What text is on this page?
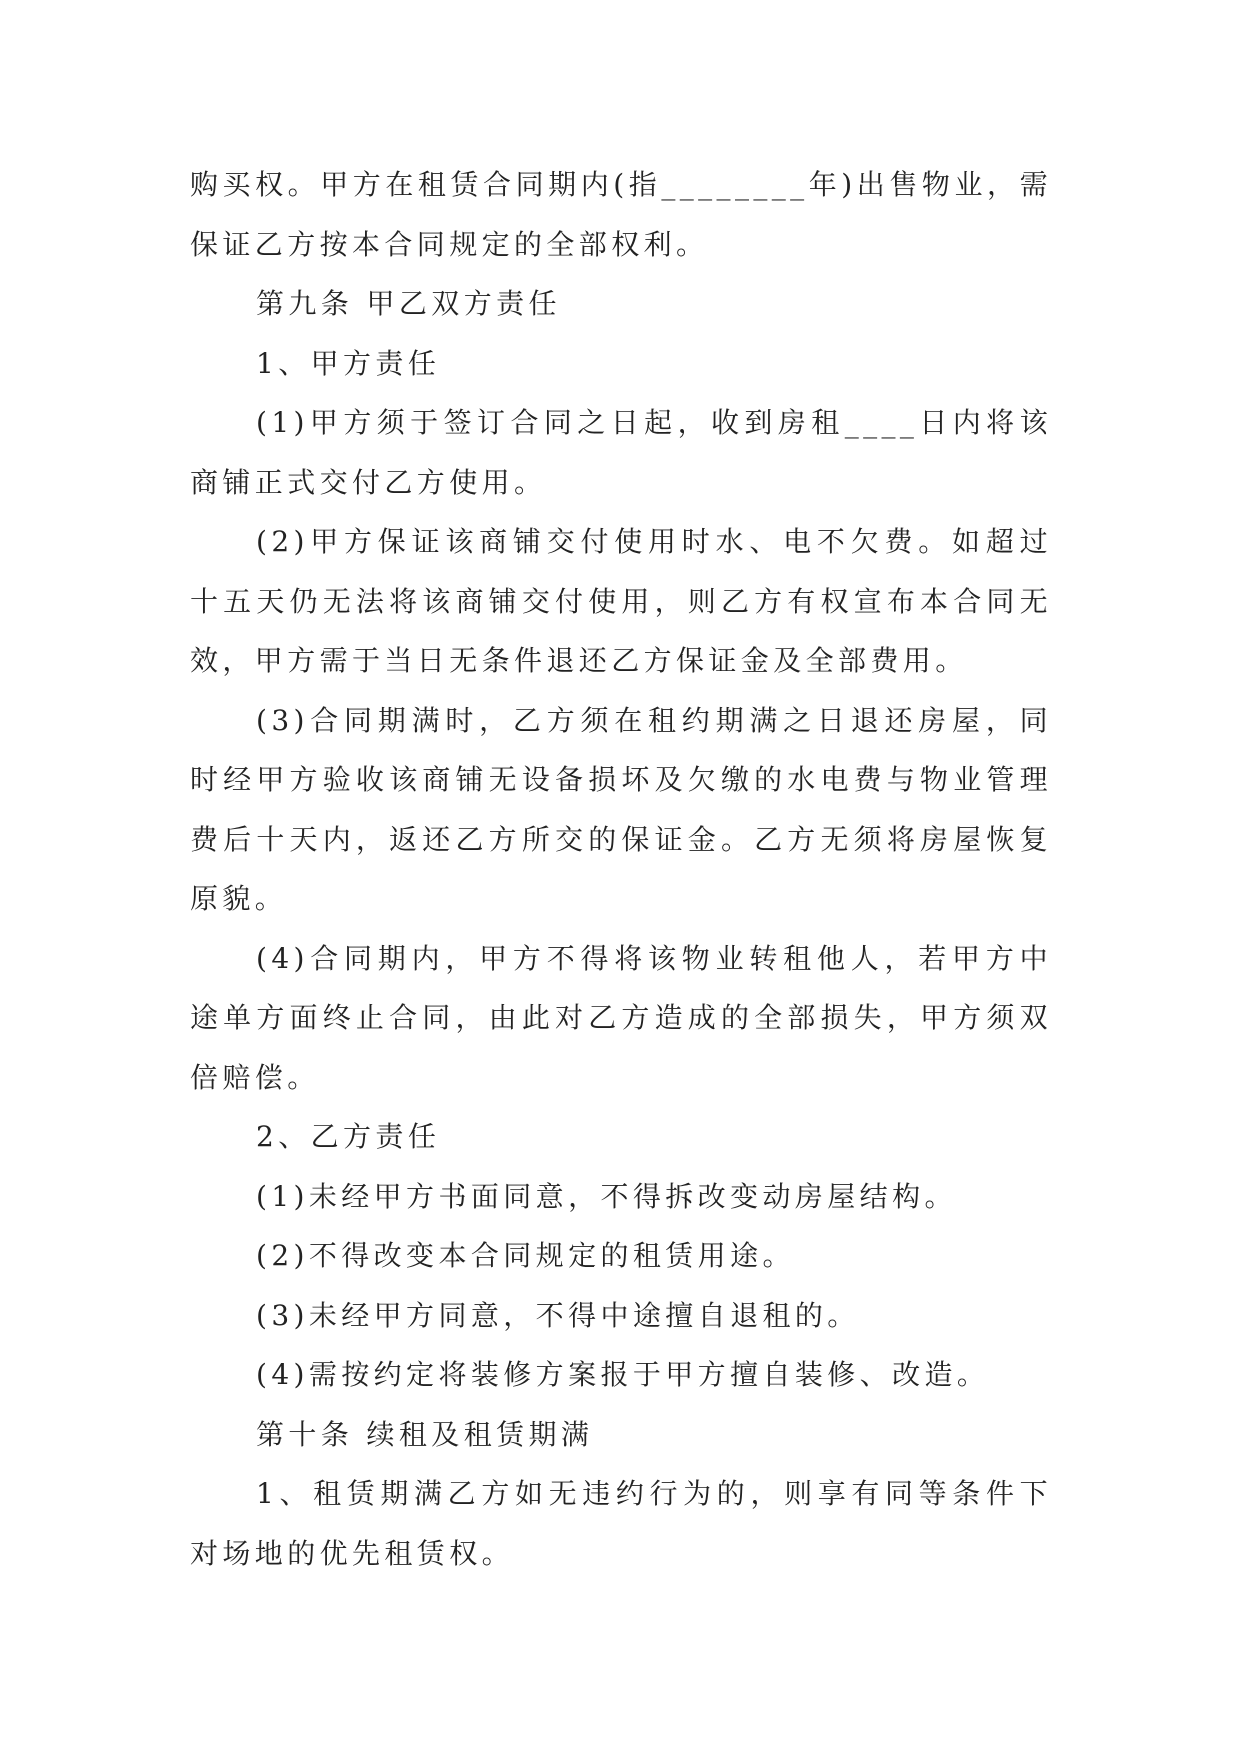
购买权。甲方在租赁合同期内(指________年)出售物业，需保证乙方按本合同规定的全部权利。

第九条 甲乙双方责任

1、甲方责任

(1)甲方须于签订合同之日起，收到房租____日内将该商铺正式交付乙方使用。

(2)甲方保证该商铺交付使用时水、电不欠费。如超过十五天仍无法将该商铺交付使用，则乙方有权宣布本合同无效，甲方需于当日无条件退还乙方保证金及全部费用。

(3)合同期满时，乙方须在租约期满之日退还房屋，同时经甲方验收该商铺无设备损坏及欠缴的水电费与物业管理费后十天内，返还乙方所交的保证金。乙方无须将房屋恢复原貌。

(4)合同期内，甲方不得将该物业转租他人，若甲方中途单方面终止合同，由此对乙方造成的全部损失，甲方须双倍赔偿。

2、乙方责任

(1)未经甲方书面同意，不得拆改变动房屋结构。

(2)不得改变本合同规定的租赁用途。

(3)未经甲方同意，不得中途擅自退租的。

(4)需按约定将装修方案报于甲方擅自装修、改造。

第十条 续租及租赁期满

1、租赁期满乙方如无违约行为的，则享有同等条件下对场地的优先租赁权。
